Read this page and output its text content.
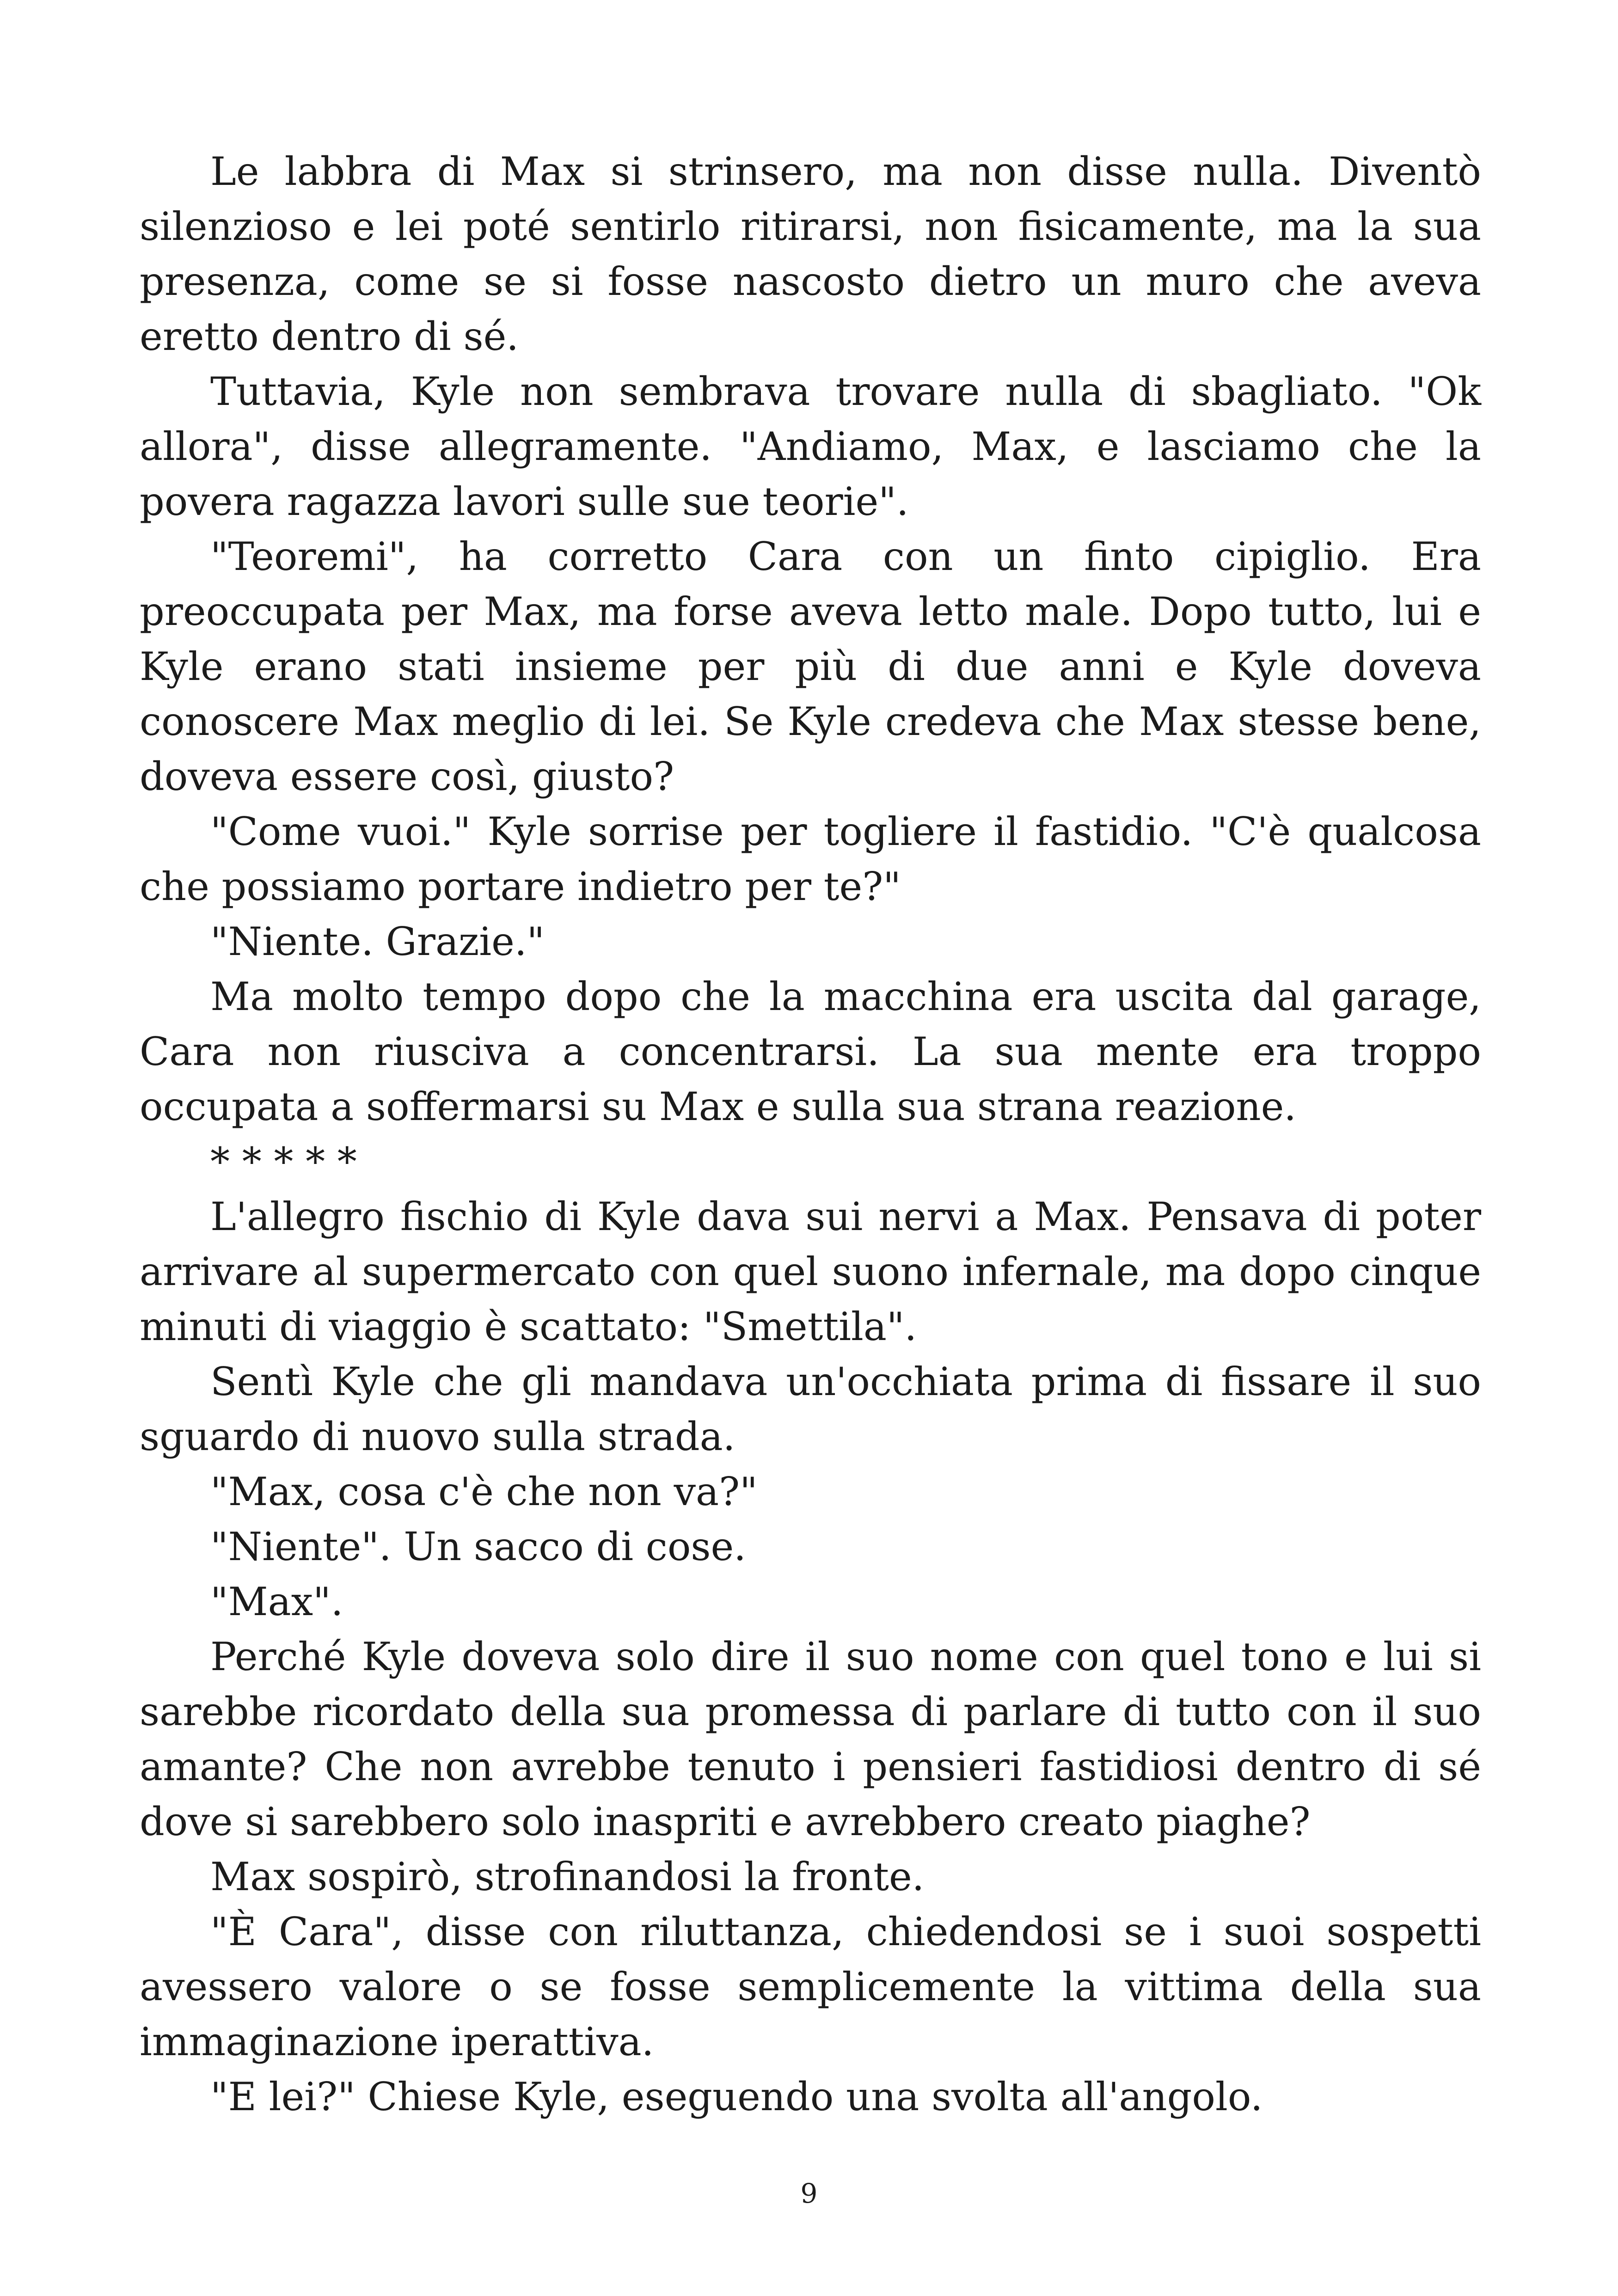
Le labbra di Max si strinsero, ma non disse nulla. Diventò silenzioso e lei poté sentirlo ritirarsi, non fisicamente, ma la sua presenza, come se si fosse nascosto dietro un muro che aveva eretto dentro di sé.

Tuttavia, Kyle non sembrava trovare nulla di sbagliato. "Ok allora", disse allegramente. "Andiamo, Max, e lasciamo che la povera ragazza lavori sulle sue teorie".

"Teoremi", ha corretto Cara con un finto cipiglio. Era preoccupata per Max, ma forse aveva letto male. Dopo tutto, lui e Kyle erano stati insieme per più di due anni e Kyle doveva conoscere Max meglio di lei. Se Kyle credeva che Max stesse bene, doveva essere così, giusto?

"Come vuoi." Kyle sorrise per togliere il fastidio. "C'è qualcosa che possiamo portare indietro per te?"

"Niente. Grazie."

Ma molto tempo dopo che la macchina era uscita dal garage, Cara non riusciva a concentrarsi. La sua mente era troppo occupata a soffermarsi su Max e sulla sua strana reazione.

* * * * *

L'allegro fischio di Kyle dava sui nervi a Max. Pensava di poter arrivare al supermercato con quel suono infernale, ma dopo cinque minuti di viaggio è scattato: "Smettila".

Sentì Kyle che gli mandava un'occhiata prima di fissare il suo sguardo di nuovo sulla strada.

"Max, cosa c'è che non va?"

"Niente". Un sacco di cose.

"Max".

Perché Kyle doveva solo dire il suo nome con quel tono e lui si sarebbe ricordato della sua promessa di parlare di tutto con il suo amante? Che non avrebbe tenuto i pensieri fastidiosi dentro di sé dove si sarebbero solo inaspriti e avrebbero creato piaghe?

Max sospirò, strofinandosi la fronte.

"È Cara", disse con riluttanza, chiedendosi se i suoi sospetti avessero valore o se fosse semplicemente la vittima della sua immaginazione iperattiva.

"E lei?" Chiese Kyle, eseguendo una svolta all'angolo.

9
